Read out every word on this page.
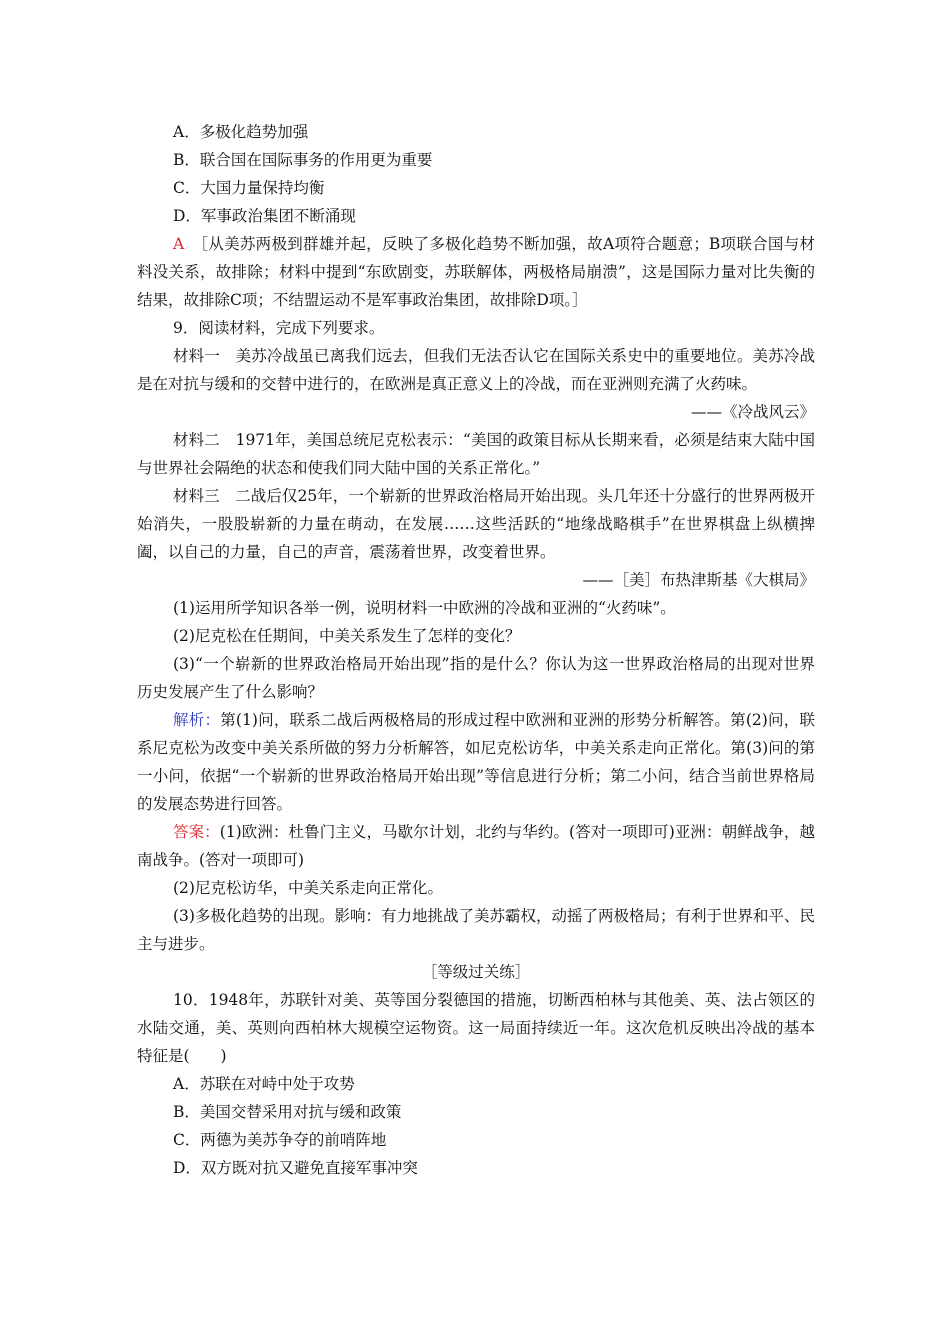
A．多极化趋势加强

B．联合国在国际事务的作用更为重要

C．大国力量保持均衡

D．军事政治集团不断涌现

A　 ［从美苏两极到群雄并起，反映了多极化趋势不断加强，故A项符合题意；B项联合国与材料没关系，故排除；材料中提到“东欧剧变，苏联解体，两极格局崩溃”，这是国际力量对比失衡的结果，故排除C项；不结盟运动不是军事政治集团，故排除D项。］

9．阅读材料，完成下列要求。

材料一　美苏冷战虽已离我们远去，但我们无法否认它在国际关系史中的重要地位。美苏冷战是在对抗与缓和的交替中进行的，在欧洲是真正意义上的冷战，而在亚洲则充满了火药味。

——《冷战风云》

材料二　1971年，美国总统尼克松表示：“美国的政策目标从长期来看，必须是结束大陆中国与世界社会隔绝的状态和使我们同大陆中国的关系正常化。”

材料三　二战后仅25年，一个崭新的世界政治格局开始出现。头几年还十分盛行的世界两极开始消失，一股股崭新的力量在萌动，在发展……这些活跃的“地缘战略棋手”在世界棋盘上纵横捭阖，以自己的力量，自己的声音，震荡着世界，改变着世界。

——［美］布热津斯基《大棋局》

(1)运用所学知识各举一例，说明材料一中欧洲的冷战和亚洲的“火药味”。

(2)尼克松在任期间，中美关系发生了怎样的变化？

(3)“一个崭新的世界政治格局开始出现”指的是什么？你认为这一世界政治格局的出现对世界历史发展产生了什么影响？

解析：第(1)问，联系二战后两极格局的形成过程中欧洲和亚洲的形势分析解答。第(2)问，联系尼克松为改变中美关系所做的努力分析解答，如尼克松访华，中美关系走向正常化。第(3)问的第一小问，依据“一个崭新的世界政治格局开始出现”等信息进行分析；第二小问，结合当前世界格局的发展态势进行回答。

答案：(1)欧洲：杜鲁门主义，马歇尔计划，北约与华约。(答对一项即可)亚洲：朝鲜战争，越南战争。(答对一项即可)

(2)尼克松访华，中美关系走向正常化。

(3)多极化趋势的出现。影响：有力地挑战了美苏霸权，动摇了两极格局；有利于世界和平、民主与进步。

［等级过关练］

10．1948年，苏联针对美、英等国分裂德国的措施，切断西柏林与其他美、英、法占领区的水陆交通，美、英则向西柏林大规模空运物资。这一局面持续近一年。这次危机反映出冷战的基本特征是(　　)

A．苏联在对峙中处于攻势

B．美国交替采用对抗与缓和政策

C．两德为美苏争夺的前哨阵地

D．双方既对抗又避免直接军事冲突
